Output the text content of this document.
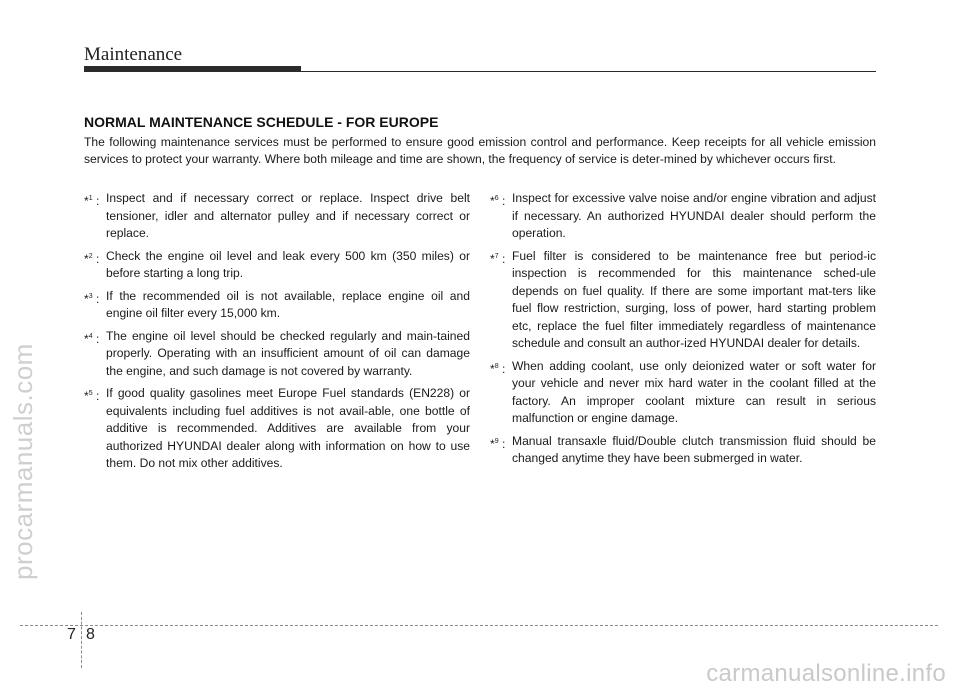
Maintenance
procarmanuals.com
NORMAL MAINTENANCE SCHEDULE - FOR EUROPE
The following maintenance services must be performed to ensure good emission control and performance. Keep receipts for all vehicle emission services to protect your warranty. Where both mileage and time are shown, the frequency of service is deter-mined by whichever occurs first.
*$^1$ : Inspect and if necessary correct or replace. Inspect drive belt tensioner, idler and alternator pulley and if necessary correct or replace.
*$^2$ : Check the engine oil level and leak every 500 km (350 miles) or before starting a long trip.
*$^3$ : If the recommended oil is not available, replace engine oil and engine oil filter every 15,000 km.
*$^4$ : The engine oil level should be checked regularly and main-tained properly. Operating with an insufficient amount of oil can damage the engine, and such damage is not covered by warranty.
*$^5$ : If good quality gasolines meet Europe Fuel standards (EN228) or equivalents including fuel additives is not avail-able, one bottle of additive is recommended. Additives are available from your authorized HYUNDAI dealer along with information on how to use them. Do not mix other additives.
*$^6$ : Inspect for excessive valve noise and/or engine vibration and adjust if necessary. An authorized HYUNDAI dealer should perform the operation.
*$^7$ : Fuel filter is considered to be maintenance free but period-ic inspection is recommended for this maintenance sched-ule depends on fuel quality. If there are some important mat-ters like fuel flow restriction, surging, loss of power, hard starting problem etc, replace the fuel filter immediately regardless of maintenance schedule and consult an author-ized HYUNDAI dealer for details.
*$^8$ : When adding coolant, use only deionized water or soft water for your vehicle and never mix hard water in the coolant filled at the factory. An improper coolant mixture can result in serious malfunction or engine damage.
*$^9$ : Manual transaxle fluid/Double clutch transmission fluid should be changed anytime they have been submerged in water.
7 8
carmanualsonline.info
